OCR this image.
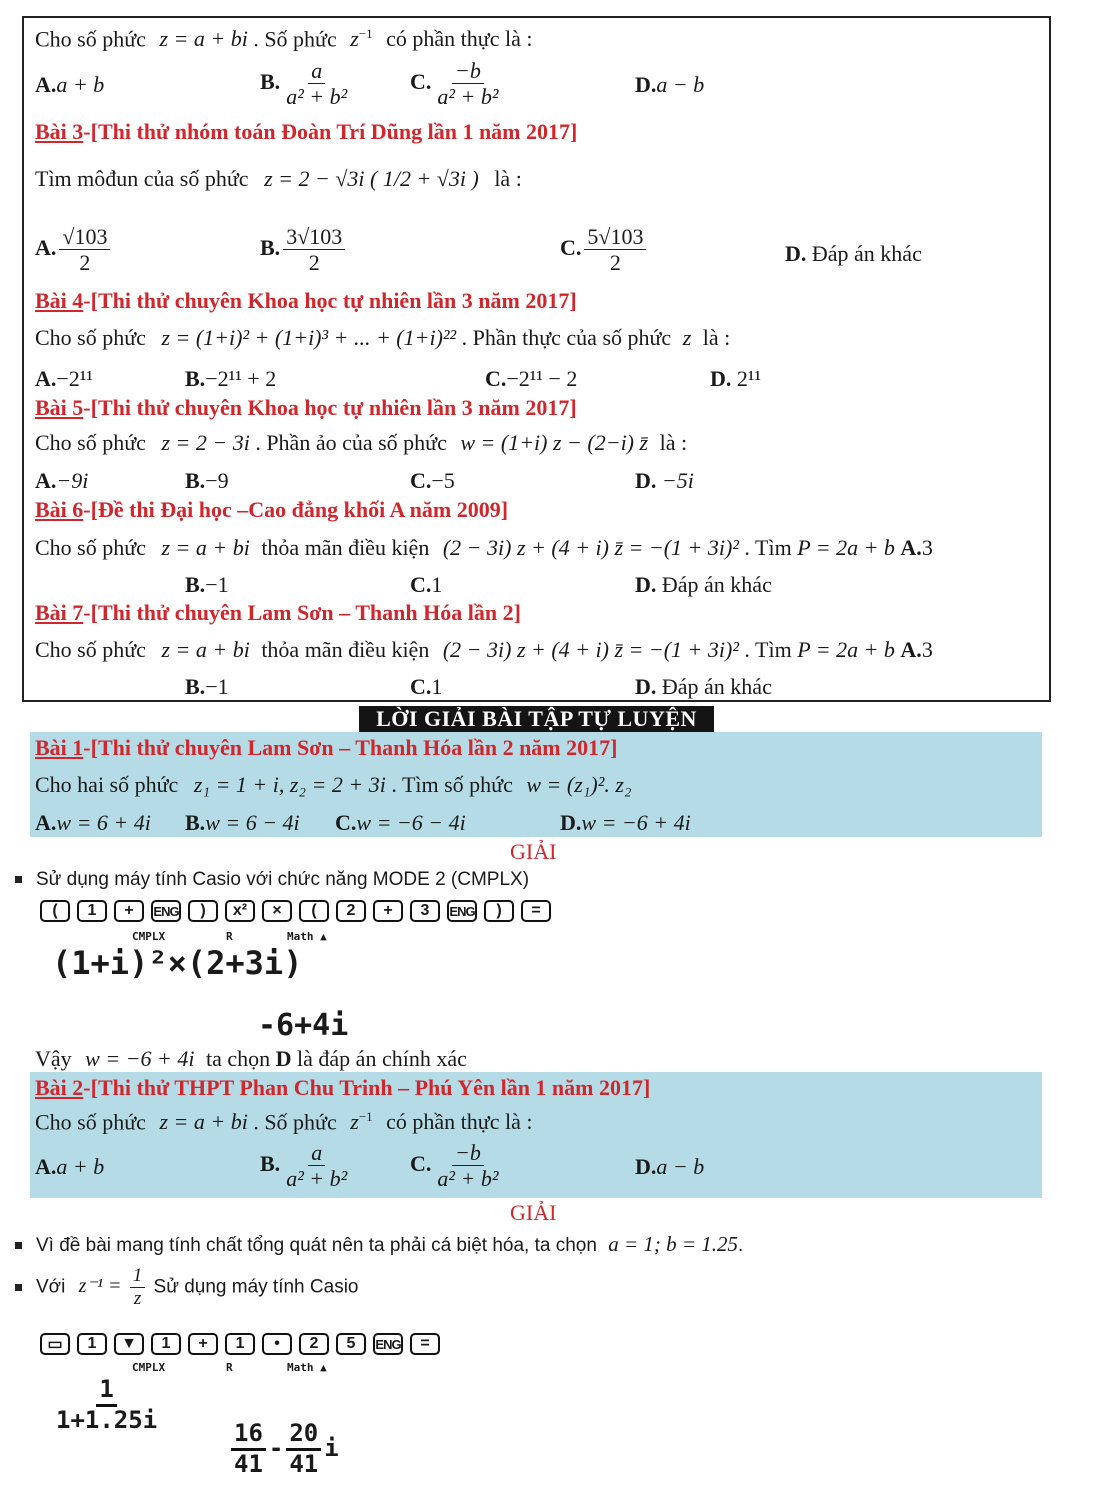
Cho số phức z = a + bi . Số phức $z^{-1}$ có phần thực là :
A.a + b	B. $\frac{a}{\text{a² + b²}}$	C. $\frac{-b}{\text{a² + b²}}$	D.a − b
Bài 3-[Thi thử nhóm toán Đoàn Trí Dũng lần 1 năm 2017]
Tìm môđun của số phức z = 2 − √3i ( 1/2 + √3i ) là :
A. $\frac{√103}{2}$	B. $\frac{3√103}{2}$	C. $\frac{5√103}{2}$	D. Đáp án khác
Bài 4-[Thi thử chuyên Khoa học tự nhiên lần 3 năm 2017]
Cho số phức z = (1+i)² + (1+i)³ + ... + (1+i)²² . Phần thực của số phức z là :
A.−2¹¹	B.−2¹¹ + 2	C.−2¹¹ − 2	D. 2¹¹
Bài 5-[Thi thử chuyên Khoa học tự nhiên lần 3 năm 2017]
Cho số phức z = 2 − 3i . Phần ảo của số phức w = (1+i) z − (2−i) z̄ là :
A.−9i	B.−9	C.−5	D. −5i
Bài 6-[Đề thi Đại học –Cao đẳng khối A năm 2009]
Cho số phức z = a + bi thỏa mãn điều kiện (2 − 3i) z + (4 + i) z̄ = −(1 + 3i)² . Tìm P = 2a + b A.3
B.−1	C.1	D. Đáp án khác
Bài 7-[Thi thử chuyên Lam Sơn – Thanh Hóa lần 2]
Cho số phức z = a + bi thỏa mãn điều kiện (2 − 3i) z + (4 + i) z̄ = −(1 + 3i)² . Tìm P = 2a + b A.3
B.−1	C.1	D. Đáp án khác
LỜI GIẢI BÀI TẬP TỰ LUYỆN
Bài 1-[Thi thử chuyên Lam Sơn – Thanh Hóa lần 2 năm 2017]
Cho hai số phức z₁ = 1 + i, z₂ = 2 + 3i . Tìm số phức w = (z₁)². z₂
A.w = 6 + 4i B.w = 6 − 4i C.w = −6 − 4i	D.w = −6 + 4i
GIẢI
Sử dụng máy tính Casio với chức năng MODE 2 (CMPLX)
( 1 + ENG ) x² × ( 2 + 3 ENG ) =
CMPLX	R	Math ▲
(1+i)²×(2+3i)
-6+4i
Vậy w = −6 + 4i ta chọn D là đáp án chính xác
Bài 2-[Thi thử THPT Phan Chu Trinh – Phú Yên lần 1 năm 2017]
Cho số phức z = a + bi . Số phức $z^{-1}$ có phần thực là :
A.a + b	B. $\frac{a}{\text{a² + b²}}$	C. $\frac{-b}{\text{a² + b²}}$	D.a − b
GIẢI
Vì đề bài mang tính chất tổng quát nên ta phải cá biệt hóa, ta chọn a = 1; b = 1.25.
Với $z^{-1} = \frac{1}{z}$ Sử dụng máy tính Casio
▭ 1 ▼ 1 + 1 • 2 5 ENG =
CMPLX	R	Math ▲
$\frac{1}{1+1.25i}$
$\frac{16}{41} - \frac{20}{41}$ i
